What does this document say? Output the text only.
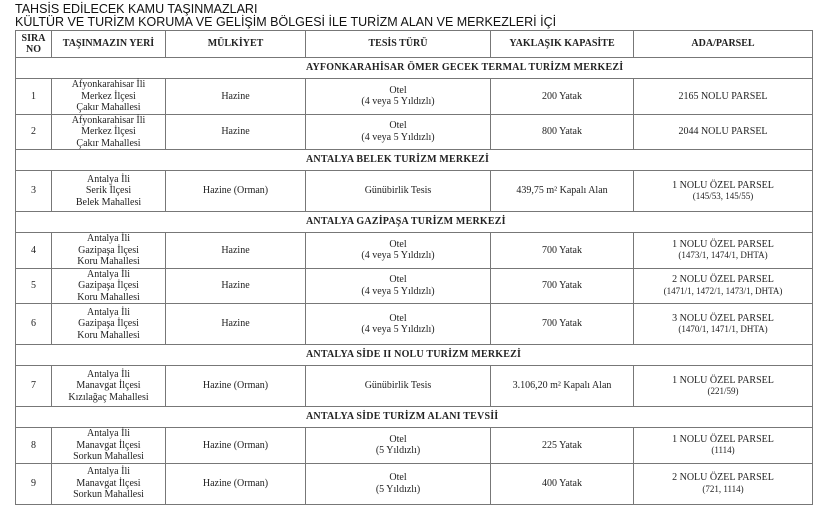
TAHSİS EDİLECEK KAMU TAŞINMAZLARI
KÜLTÜR VE TURİZM KORUMA VE GELİŞİM BÖLGESİ İLE TURİZM ALAN VE MERKEZLERİ İÇİ
SIRA
NO	TAŞINMAZIN YERİ	MÜLKİYET	TESİS TÜRÜ	YAKLAŞIK KAPASİTE	ADA/PARSEL
AYFONKARAHİSAR ÖMER GECEK TERMAL TURİZM MERKEZİ					
1	Afyonkarahisar İli
Merkez İlçesi
Çakır Mahallesi	Hazine	Otel
(4 veya 5 Yıldızlı)	200 Yatak	2165 NOLU PARSEL
2	Afyonkarahisar İli
Merkez İlçesi
Çakır Mahallesi	Hazine	Otel
(4 veya 5 Yıldızlı)	800 Yatak	2044 NOLU PARSEL
ANTALYA BELEK TURİZM MERKEZİ					
3	Antalya İli
Serik İlçesi
Belek Mahallesi	Hazine (Orman)	Günübirlik Tesis	439,75 m² Kapalı Alan	1 NOLU ÖZEL PARSEL
(145/53, 145/55)
ANTALYA GAZİPAŞA TURİZM MERKEZİ					
4	Antalya İli
Gazipaşa İlçesi
Koru Mahallesi	Hazine	Otel
(4 veya 5 Yıldızlı)	700 Yatak	1 NOLU ÖZEL PARSEL
(1473/1, 1474/1, DHTA)
5	Antalya İli
Gazipaşa İlçesi
Koru Mahallesi	Hazine	Otel
(4 veya 5 Yıldızlı)	700 Yatak	2 NOLU ÖZEL PARSEL
(1471/1, 1472/1, 1473/1, DHTA)
6	Antalya İli
Gazipaşa İlçesi
Koru Mahallesi	Hazine	Otel
(4 veya 5 Yıldızlı)	700 Yatak	3 NOLU ÖZEL PARSEL
(1470/1, 1471/1, DHTA)
ANTALYA SİDE II NOLU TURİZM MERKEZİ					
7	Antalya İli
Manavgat İlçesi
Kızılağaç Mahallesi	Hazine (Orman)	Günübirlik Tesis	3.106,20 m² Kapalı Alan	1 NOLU ÖZEL PARSEL
(221/59)
ANTALYA SİDE TURİZM ALANI TEVSİİ					
8	Antalya İli
Manavgat İlçesi
Sorkun Mahallesi	Hazine (Orman)	Otel
(5 Yıldızlı)	225 Yatak	1 NOLU ÖZEL PARSEL
(1114)
9	Antalya İli
Manavgat İlçesi
Sorkun Mahallesi	Hazine (Orman)	Otel
(5 Yıldızlı)	400 Yatak	2 NOLU ÖZEL PARSEL
(721, 1114)
